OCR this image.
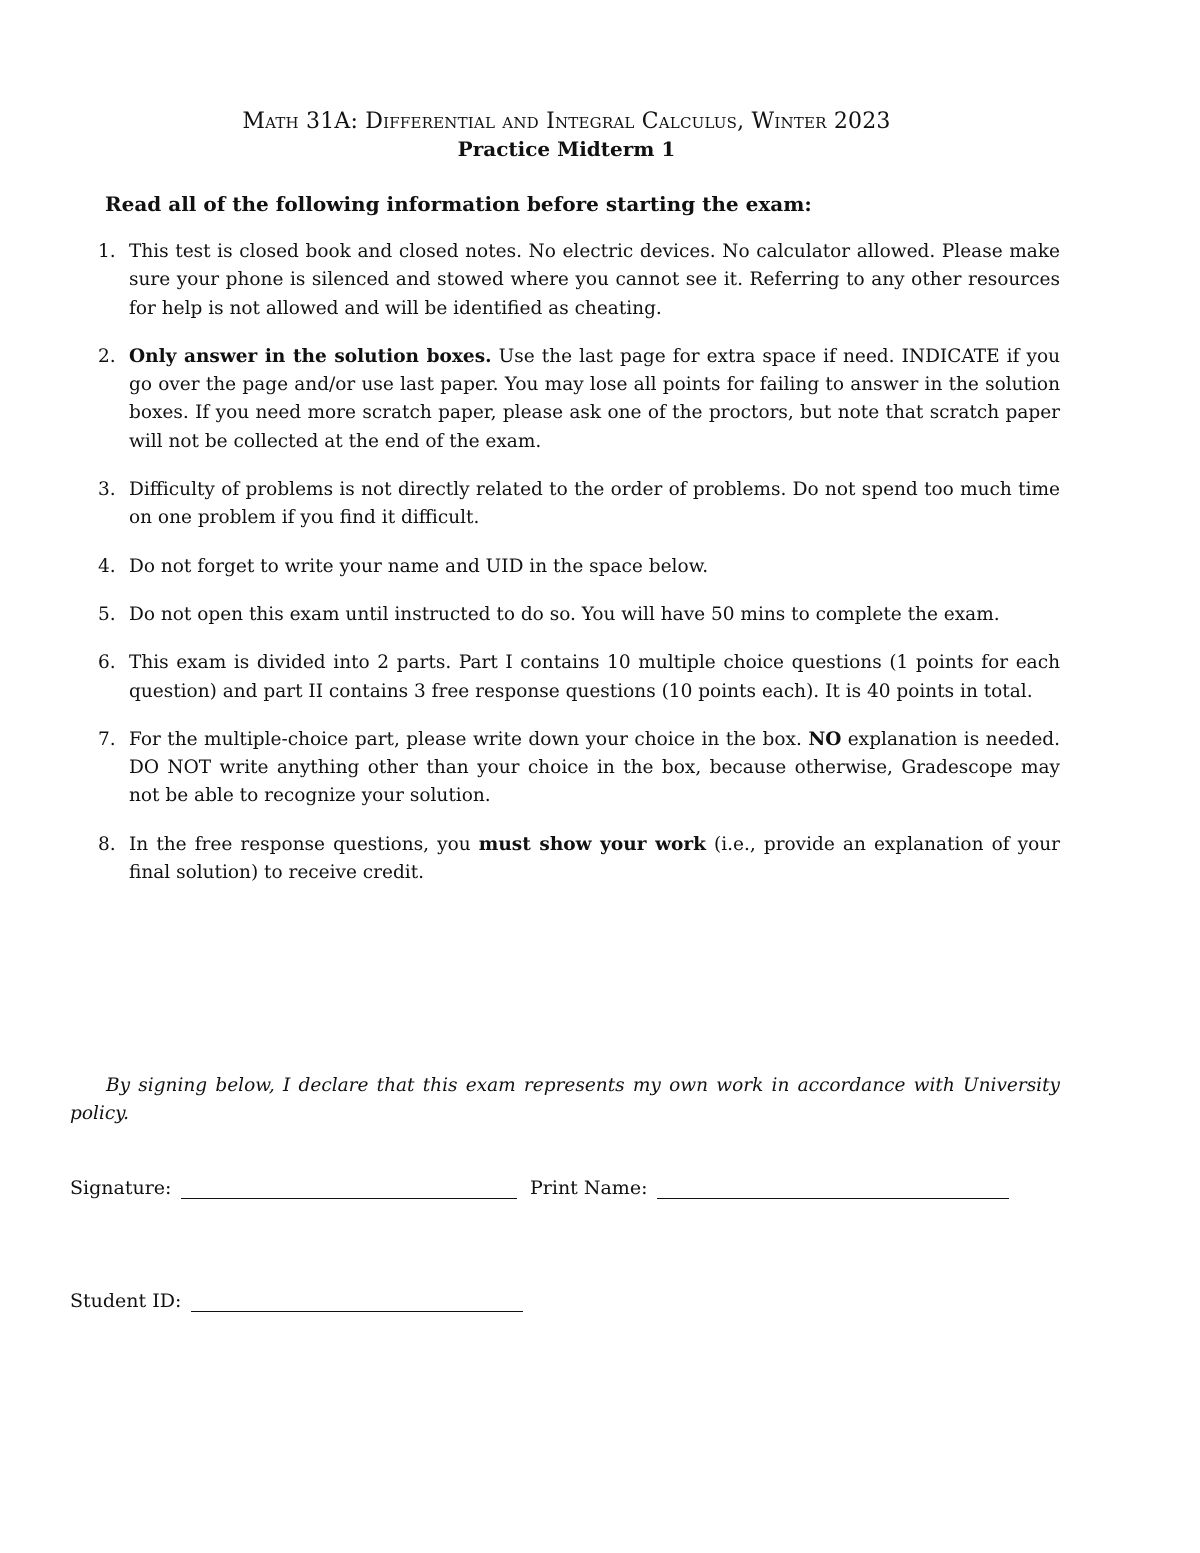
Math 31A: Differential and Integral Calculus, Winter 2023
Practice Midterm 1
Read all of the following information before starting the exam:
1. This test is closed book and closed notes. No electric devices. No calculator allowed. Please make sure your phone is silenced and stowed where you cannot see it. Referring to any other resources for help is not allowed and will be identified as cheating.
2. Only answer in the solution boxes. Use the last page for extra space if need. INDICATE if you go over the page and/or use last paper. You may lose all points for failing to answer in the solution boxes. If you need more scratch paper, please ask one of the proctors, but note that scratch paper will not be collected at the end of the exam.
3. Difficulty of problems is not directly related to the order of problems. Do not spend too much time on one problem if you find it difficult.
4. Do not forget to write your name and UID in the space below.
5. Do not open this exam until instructed to do so. You will have 50 mins to complete the exam.
6. This exam is divided into 2 parts. Part I contains 10 multiple choice questions (1 points for each question) and part II contains 3 free response questions (10 points each). It is 40 points in total.
7. For the multiple-choice part, please write down your choice in the box. NO explanation is needed. DO NOT write anything other than your choice in the box, because otherwise, Gradescope may not be able to recognize your solution.
8. In the free response questions, you must show your work (i.e., provide an explanation of your final solution) to receive credit.
By signing below, I declare that this exam represents my own work in accordance with University policy.
Signature:	Print Name:
Student ID:
